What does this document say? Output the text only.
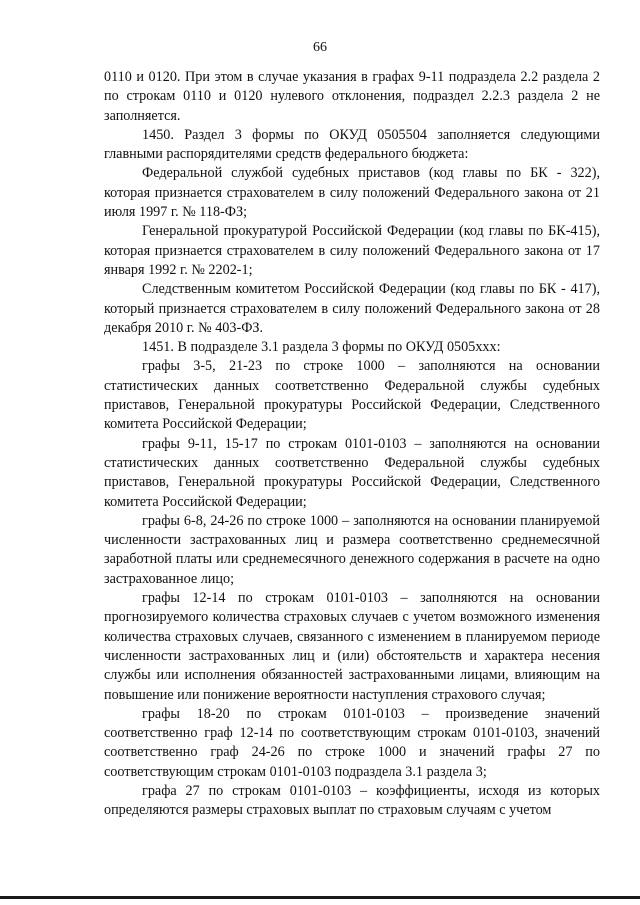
66

0110 и 0120. При этом в случае указания в графах 9-11 подраздела 2.2 раздела 2 по строкам 0110 и 0120 нулевого отклонения, подраздел 2.2.3 раздела 2 не заполняется.

1450. Раздел 3 формы по ОКУД 0505504 заполняется следующими главными распорядителями средств федерального бюджета:

Федеральной службой судебных приставов (код главы по БК - 322), которая признается страхователем в силу положений Федерального закона от 21 июля 1997 г. № 118-ФЗ;

Генеральной прокуратурой Российской Федерации (код главы по БК-415), которая признается страхователем в силу положений Федерального закона от 17 января 1992 г. № 2202-1;

Следственным комитетом Российской Федерации (код главы по БК - 417), который признается страхователем в силу положений Федерального закона от 28 декабря 2010 г. № 403-ФЗ.

1451. В подразделе 3.1 раздела 3 формы по ОКУД 0505ххх:

графы 3-5, 21-23 по строке 1000 – заполняются на основании статистических данных соответственно Федеральной службы судебных приставов, Генеральной прокуратуры Российской Федерации, Следственного комитета Российской Федерации;

графы 9-11, 15-17 по строкам 0101-0103 – заполняются на основании статистических данных соответственно Федеральной службы судебных приставов, Генеральной прокуратуры Российской Федерации, Следственного комитета Российской Федерации;

графы 6-8, 24-26 по строке 1000 – заполняются на основании планируемой численности застрахованных лиц и размера соответственно среднемесячной заработной платы или среднемесячного денежного содержания в расчете на одно застрахованное лицо;

графы 12-14 по строкам 0101-0103 – заполняются на основании прогнозируемого количества страховых случаев с учетом возможного изменения количества страховых случаев, связанного с изменением в планируемом периоде численности застрахованных лиц и (или) обстоятельств и характера несения службы или исполнения обязанностей застрахованными лицами, влияющим на повышение или понижение вероятности наступления страхового случая;

графы 18-20 по строкам 0101-0103 – произведение значений соответственно граф 12-14 по соответствующим строкам 0101-0103, значений соответственно граф 24-26 по строке 1000 и значений графы 27 по соответствующим строкам 0101-0103 подраздела 3.1 раздела 3;

графа 27 по строкам 0101-0103 – коэффициенты, исходя из которых определяются размеры страховых выплат по страховым случаям с учетом
